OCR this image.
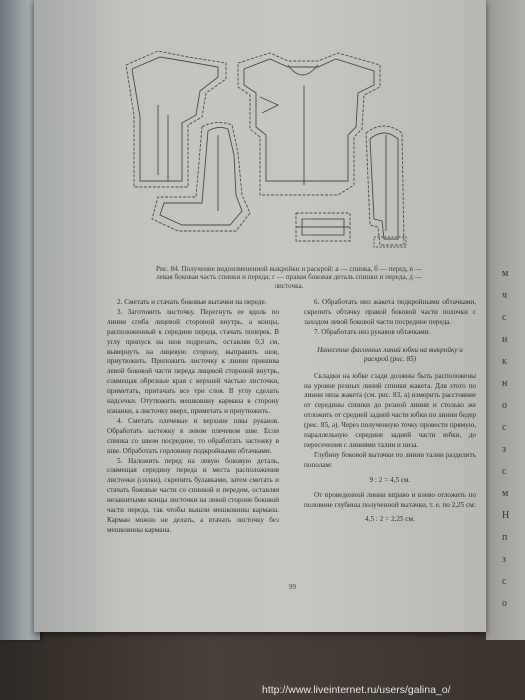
м
ч
с
н
к
н
о
с
з
с
м
Н
п
з
с
о
Рис. 84. Получение видоизмененной выкройки и раскрой: а — спинка, б — перед, в — левая боковая часть спинки и переда; г — правая боковая деталь спинки и переда, д — листочка.

2. Сметать и стачать боковые вытачки на переде.

3. Заготовить листочку. Перегнуть ее вдоль по линии сгиба лицевой стороной внутрь, а концы, расположенный к середине переда, стачать поперек. В углу припуск на шов подрезать, оставляя 0,3 см, вывернуть на лицевую сторону, выправить шов, приутюжить. Приложить листочку к линии пришива левой боковой части переда лицевой стороной внутрь, совмещая обрезные края с верхней частью листочки, приметать, притачать все три слоя. В углу сделать надсечки. Отутюжить мешковину кармана в сторону изнанки, а листочку вверх, приметать и приутюжить.

4. Сметать плечевые и верхние швы рукавов. Обработать застежку в левом плечевом шве. Если спинка со швом посредине, то обработать застежку в шве. Обработать горловину подкройными обтачками.

5. Наложить перед на левую боковую деталь, совмещая середину переда и места расположения листочки (силки), скрепить булавками, затем сметать и стачать боковые части со спинкой и передом, оставляя незашитыми концы листочки на левой стороне боковой части переда, так чтобы вышли мешковины кармана. Карман можно не делать, а втачать листочку без мешковины кармана.

6. Обработать низ жакета подкройными обтачками, скрепить обтачку правой боковой части полочки с заходом левой боковой части посредине переда.

7. Обработать низ рукавов обтачками.

Нанесение фасонных линий юбки на выкройку и раскрой (рис. 85)

Складки на юбке сзади должны быть расположены на уровне резных линий спинки жакета. Для этого по линии низа жакета (см. рис. 83, а) измерить расстояние от середины спинки до резной линии и столько же отложить от средней задней части юбки по линии бедер (рис. 85, а). Через полученную точку провести прямую, параллельную середине задней части юбки, до пересечения с линиями талии и низа.

Глубину боковой вытачки по линии талии разделить пополам:

9 : 2 = 4,5 см.

От проведенной линии вправо и влево отложить по половине глубины полученной вытачки, т. е. по 2,25 см:

4,5 : 2 = 2,25 см.

99
http://www.liveinternet.ru/users/galina_o/
